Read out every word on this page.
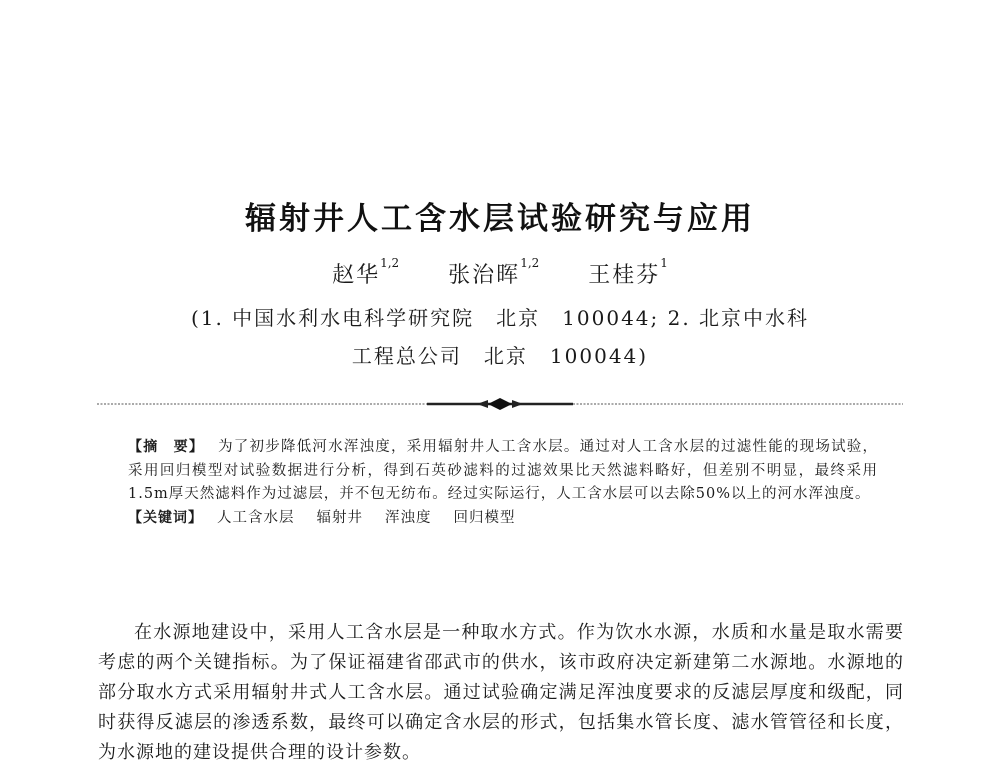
辐射井人工含水层试验研究与应用
赵华$^{1,2}$ 张治晖$^{1,2}$ 王桂芬$^1$
(1. 中国水利水电科学研究院　北京　100044; 2. 北京中水科
工程总公司　北京　100044)

【摘　要】 为了初步降低河水浑浊度，采用辐射井人工含水层。通过对人工含水层的过滤性能的现场试验，采用回归模型对试验数据进行分析，得到石英砂滤料的过滤效果比天然滤料略好，但差别不明显，最终采用1.5m厚天然滤料作为过滤层，并不包无纺布。经过实际运行，人工含水层可以去除50%以上的河水浑浊度。

【关键词】 人工含水层 辐射井 浑浊度 回归模型

在水源地建设中，采用人工含水层是一种取水方式。作为饮水水源，水质和水量是取水需要考虑的两个关键指标。为了保证福建省邵武市的供水，该市政府决定新建第二水源地。水源地的部分取水方式采用辐射井式人工含水层。通过试验确定满足浑浊度要求的反滤层厚度和级配，同时获得反滤层的渗透系数，最终可以确定含水层的形式，包括集水管长度、滤水管管径和长度，为水源地的建设提供合理的设计参数。
